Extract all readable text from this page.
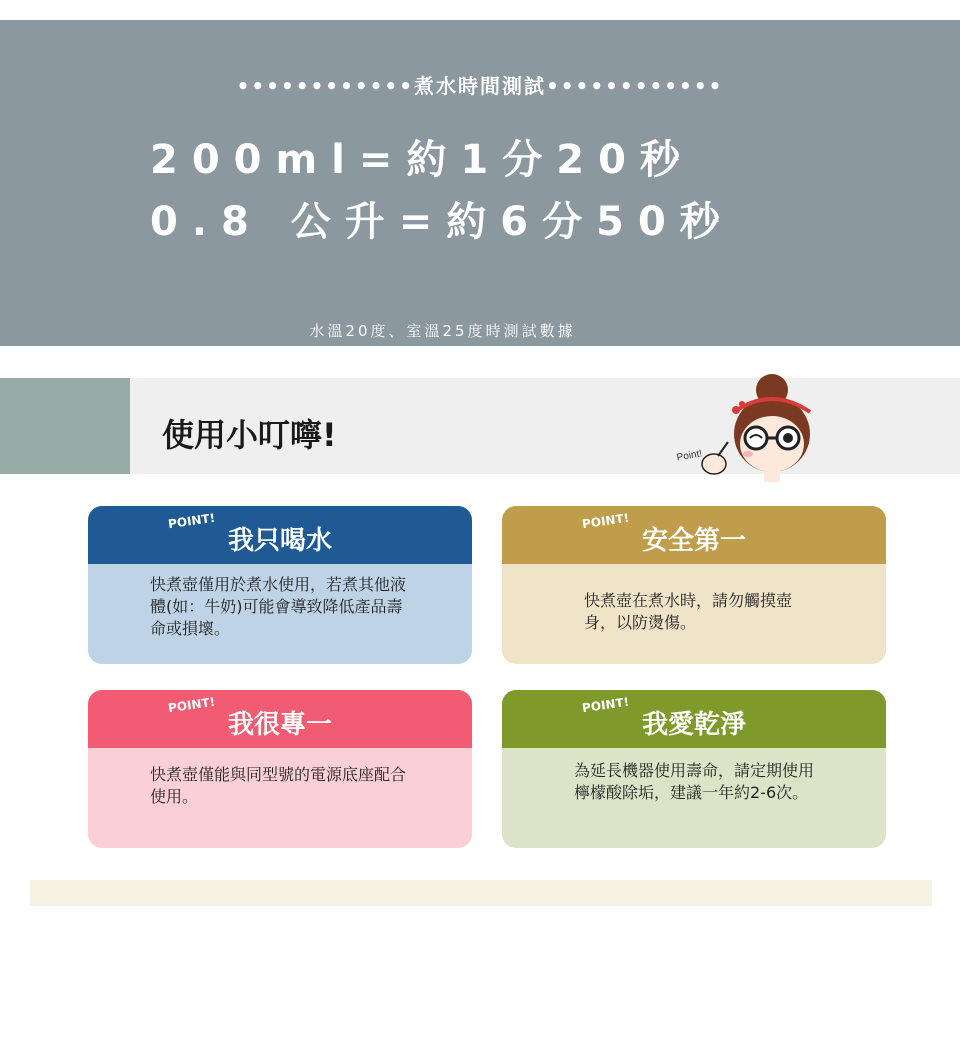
••••••••••••煮水時間測試••••••••••••
200ml=約1分20秒
0.8 公升=約6分50秒
水溫20度、室溫25度時測試數據
使用小叮嚀!
Point!
POINT!
我只喝水
快煮壺僅用於煮水使用，若煮其他液體(如：牛奶)可能會導致降低產品壽命或損壞。
POINT!
安全第一
快煮壺在煮水時，請勿觸摸壺身，以防燙傷。
POINT!
我很專一
快煮壺僅能與同型號的電源底座配合使用。
POINT!
我愛乾淨
為延長機器使用壽命，請定期使用檸檬酸除垢，建議一年約2-6次。
